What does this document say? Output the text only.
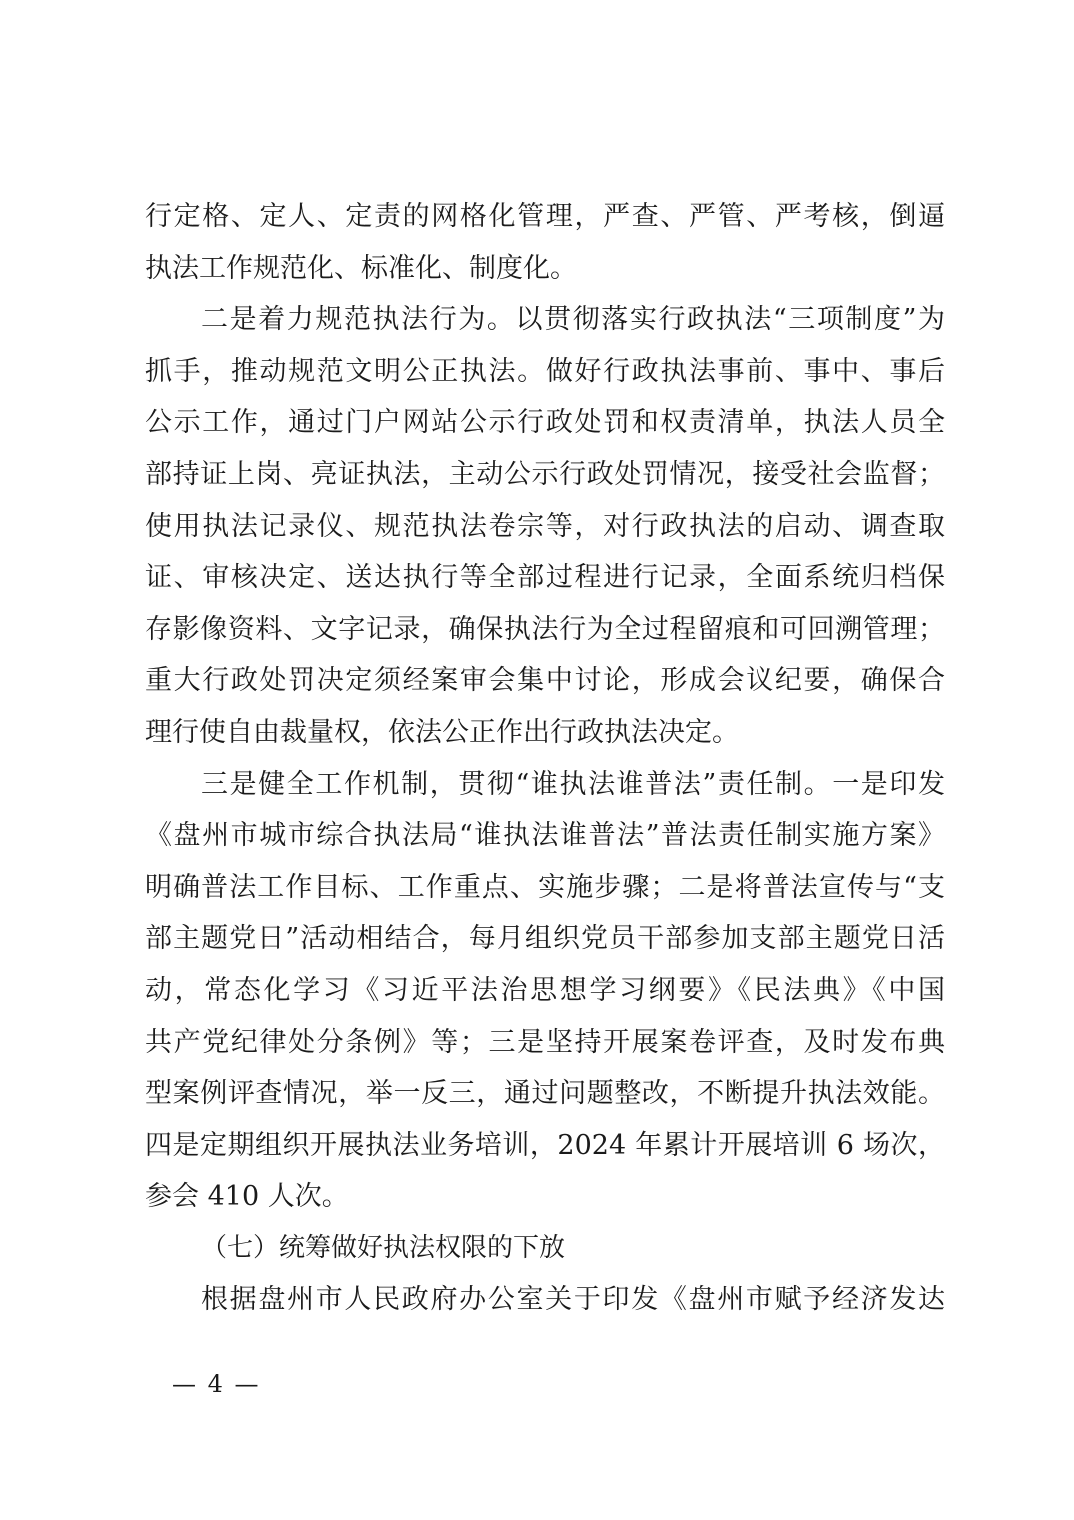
行定格、定人、定责的网格化管理，严查、严管、严考核，倒逼
执法工作规范化、标准化、制度化。
二是着力规范执法行为。以贯彻落实行政执法“三项制度”为
抓手，推动规范文明公正执法。做好行政执法事前、事中、事后
公示工作，通过门户网站公示行政处罚和权责清单，执法人员全
部持证上岗、亮证执法，主动公示行政处罚情况，接受社会监督；
使用执法记录仪、规范执法卷宗等，对行政执法的启动、调查取
证、审核决定、送达执行等全部过程进行记录，全面系统归档保
存影像资料、文字记录，确保执法行为全过程留痕和可回溯管理；
重大行政处罚决定须经案审会集中讨论，形成会议纪要，确保合
理行使自由裁量权，依法公正作出行政执法决定。
三是健全工作机制，贯彻“谁执法谁普法”责任制。一是印发
《盘州市城市综合执法局“谁执法谁普法”普法责任制实施方案》
明确普法工作目标、工作重点、实施步骤；二是将普法宣传与“支
部主题党日”活动相结合，每月组织党员干部参加支部主题党日活
动，常态化学习《习近平法治思想学习纲要》《民法典》《中国
共产党纪律处分条例》等；三是坚持开展案卷评查，及时发布典
型案例评查情况，举一反三，通过问题整改，不断提升执法效能。
四是定期组织开展执法业务培训，2024 年累计开展培训 6 场次，
参会 410 人次。
（七）统筹做好执法权限的下放
根据盘州市人民政府办公室关于印发《盘州市赋予经济发达
— 4 —
